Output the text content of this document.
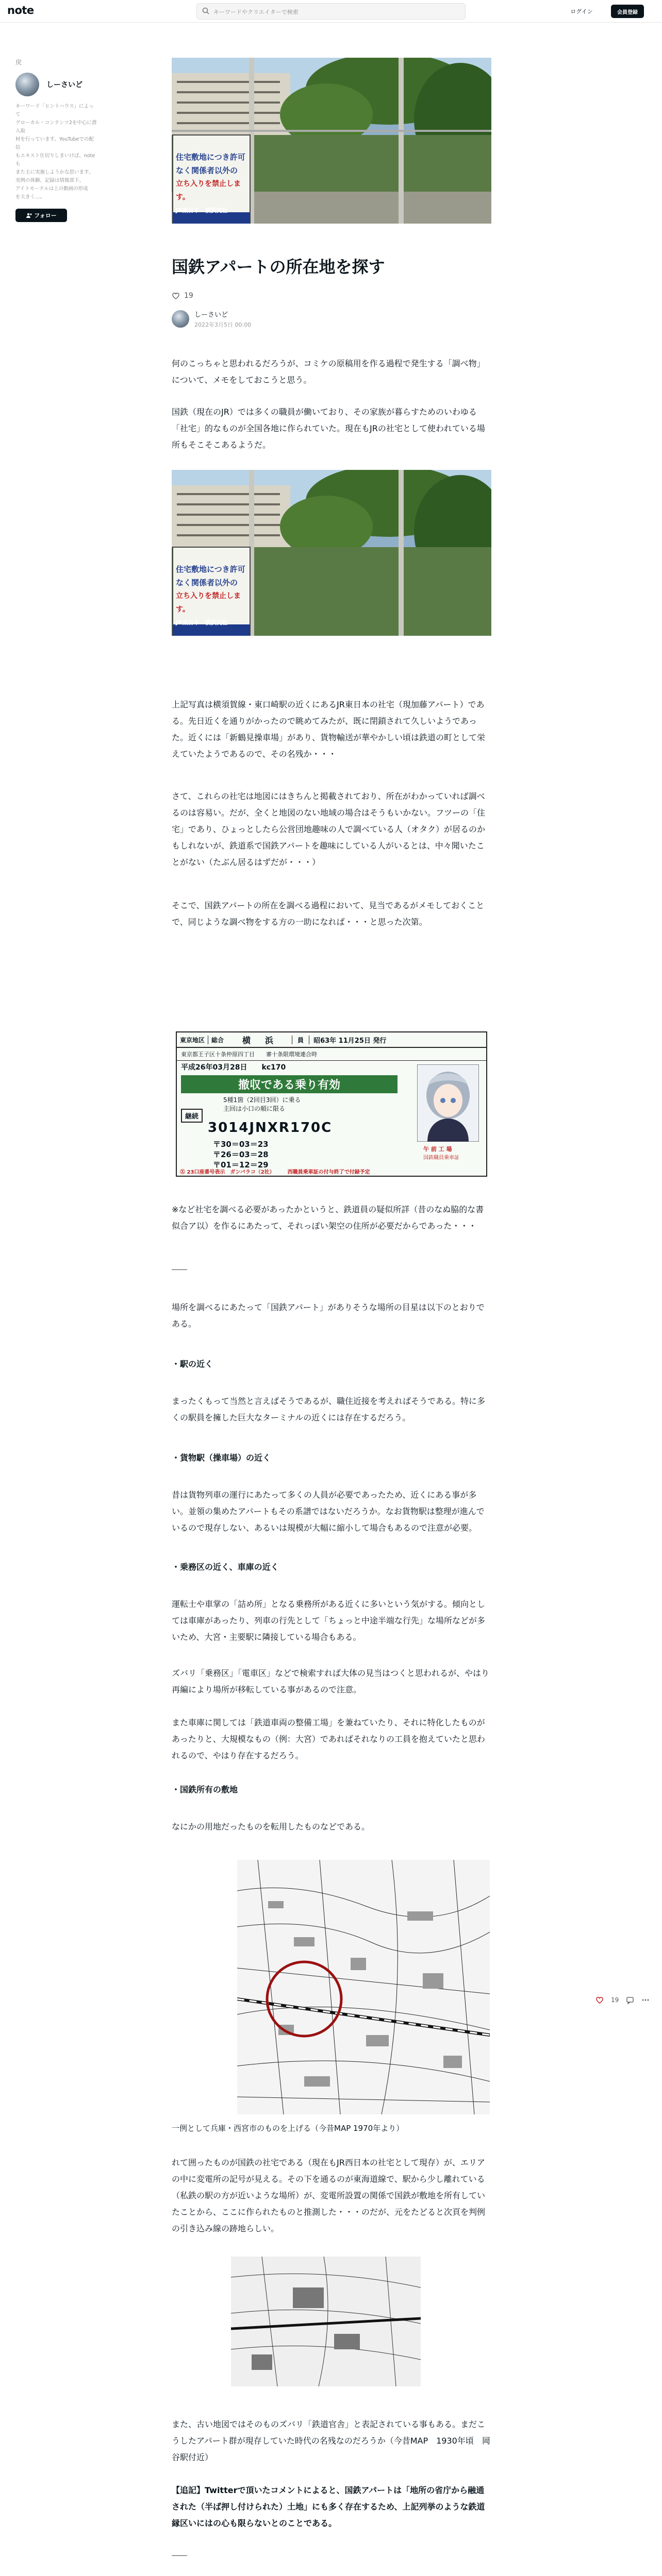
note	キーワードやクリエイターで検索	ログイン	会員登録
戻
しーさいど
キーワード「ヒントハウス」によって
グローカル・コンテンツ2を中心に潜入取
材を行っています。YouTubeでの配信
もエキスト仕切りしまいけば、noteも
また主に実施しようかな思います。
実例の体験、記録は情報部下、
アイトモーテルは上の動画の形成
を大きく…。
フォロー
住宅敷地につき許可
なく関係者以外の
立ち入りを禁止します。
JR東日本　横浜支社
国鉄アパートの所在地を探す
19
しーさいど
2022年3月5日 00:00
何のこっちゃと思われるだろうが、コミケの原稿用を作る過程で発生する「調べ物」について、メモをしておこうと思う。
国鉄（現在のJR）では多くの職員が働いており、その家族が暮らすためのいわゆる「社宅」的なものが全国各地に作られていた。現在もJRの社宅として使われている場所もそこそこあるようだ。
住宅敷地につき許可
なく関係者以外の
立ち入りを禁止します。
JR東日本　横浜支社
上記写真は横須賀線・東口崎駅の近くにあるJR東日本の社宅（現加藤アパート）である。先日近くを通りがかったので眺めてみたが、既に閉鎖されて久しいようであった。近くには「新鶴見操車場」があり、貨物輸送が華やかしい頃は鉄道の町として栄えていたようであるので、その名残か・・・
さて、これらの社宅は地図にはきちんと掲載されており、所在がわかっていれば調べるのは容易い。だが、全くと地図のない地域の場合はそうもいかない。フツーの「住宅」であり、ひょっとしたら公営団地趣味の人で調べている人（オタク）が居るのかもしれないが、鉄道系で国鉄アパートを趣味にしている人がいるとは、中々聞いたことがない（たぶん居るはずだが・・・）
そこで、国鉄アパートの所在を調べる過程において、見当であるがメモしておくことで、同じような調べ物をする方の一助になれば・・・と思った次第。
東京地区	総合	横　浜	員	昭63年 11月25日 発行
東京都王子区十条仲原四丁目　　審十条限環境連合時
平成26年03月28日　　kc170
撤収である乗り有効
5種1箇（2回目3回）に乗る
主回は小口の順に限る
継続
3014JNXR170C
〒30＝03＝23
〒26＝03＝28
〒01＝12＝29
Ⓧ 23口座番号表示　ガンバラコ（2社）　　　西職員乗車証の付与終了で付録予定
午 前 工 場
国鉄職員乗車証
※など社宅を調べる必要があったかというと、鉄道員の疑似所詳（昔のなぬ脇的な書似合ア以）を作るにあたって、それっぽい架空の住所が必要だからであった・・・
場所を調べるにあたって「国鉄アパート」がありそうな場所の目星は以下のとおりである。
・駅の近く
まったくもって当然と言えばそうであるが、職住近接を考えればそうである。特に多くの駅員を擁した巨大なターミナルの近くには存在するだろう。
・貨物駅（操車場）の近く
昔は貨物列車の運行にあたって多くの人員が必要であったため、近くにある事が多い。並領の集めたアパートもその系譜ではないだろうか。なお貨物駅は整理が進んでいるので現存しない、あるいは規模が大幅に縮小して場合もあるので注意が必要。
・乗務区の近く、車庫の近く
運転士や車掌の「詰め所」となる乗務所がある近くに多いという気がする。傾向としては車庫があったり、列車の行先として「ちょっと中途半端な行先」な場所などが多いため、大宮・主要駅に隣接している場合もある。
ズバリ「乗務区」「電車区」などで検索すれば大体の見当はつくと思われるが、やはり再編により場所が移転している事があるので注意。
また車庫に関しては「鉄道車両の整備工場」を兼ねていたり、それに特化したものがあったりと、大規模なもの（例：大宮）であればそれなりの工員を抱えていたと思われるので、やはり存在するだろう。
・国鉄所有の敷地
なにかの用地だったものを転用したものなどである。
一例として兵庫・西宮市のものを上げる（今昔MAP 1970年より）
れて囲ったものが国鉄の社宅である（現在もJR西日本の社宅として現存）が、エリアの中に変電所の記号が見える。その下を通るのが東海道線で、駅から少し離れている（私鉄の駅の方が近いような場所）が、変電所設置の関係で国鉄が敷地を所有していたことから、ここに作られたものと推測した・・・のだが、元をたどると次頁を判例の引き込み線の跡地らしい。
また、古い地図ではそのものズバリ「鉄道官舎」と表記されている事もある。まだこうしたアパート群が現存していた時代の名残なのだろうか（今昔MAP　1930年頃　岡谷駅付近）
【追記】Twitterで頂いたコメントによると、国鉄アパートは「地所の省庁から融通された（半ば押し付けられた）土地」にも多く存在するため、上記列挙のような鉄道縁区いにはの心も限らないとのことである。
19
